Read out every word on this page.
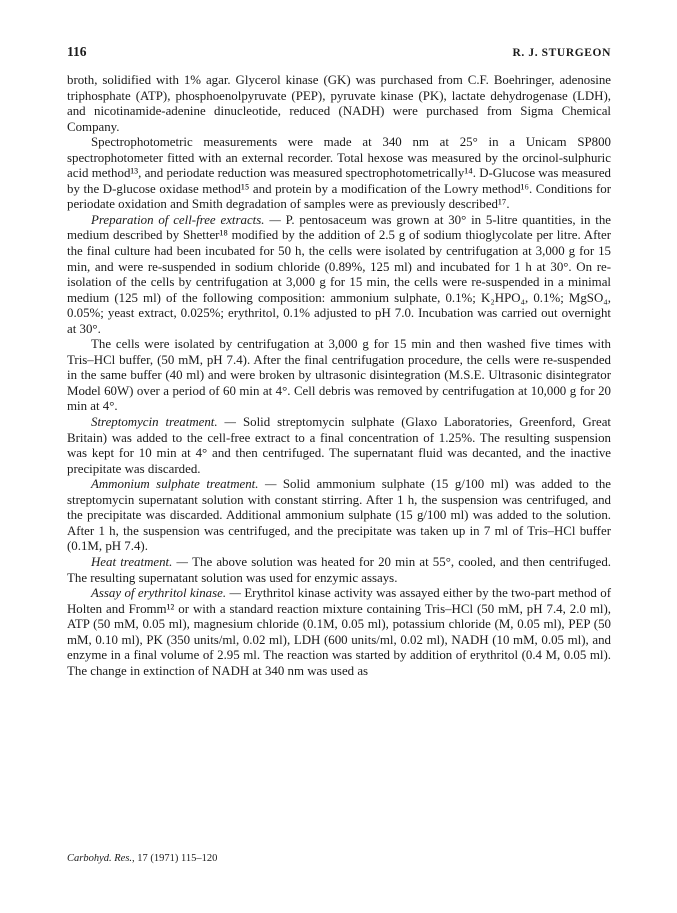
116	R. J. STURGEON

broth, solidified with 1% agar. Glycerol kinase (GK) was purchased from C.F. Boehringer, adenosine triphosphate (ATP), phosphoenolpyruvate (PEP), pyruvate kinase (PK), lactate dehydrogenase (LDH), and nicotinamide-adenine dinucleotide, reduced (NADH) were purchased from Sigma Chemical Company.

Spectrophotometric measurements were made at 340 nm at 25° in a Unicam SP800 spectrophotometer fitted with an external recorder. Total hexose was measured by the orcinol-sulphuric acid method¹³, and periodate reduction was measured spectrophotometrically¹⁴. D-Glucose was measured by the D-glucose oxidase method¹⁵ and protein by a modification of the Lowry method¹⁶. Conditions for periodate oxidation and Smith degradation of samples were as previously described¹⁷.

Preparation of cell-free extracts. — P. pentosaceum was grown at 30° in 5-litre quantities, in the medium described by Shetter¹⁸ modified by the addition of 2.5 g of sodium thioglycolate per litre. After the final culture had been incubated for 50 h, the cells were isolated by centrifugation at 3,000 g for 15 min, and were re-suspended in sodium chloride (0.89%, 125 ml) and incubated for 1 h at 30°. On re-isolation of the cells by centrifugation at 3,000 g for 15 min, the cells were re-suspended in a minimal medium (125 ml) of the following composition: ammonium sulphate, 0.1%; K₂HPO₄, 0.1%; MgSO₄, 0.05%; yeast extract, 0.025%; erythritol, 0.1% adjusted to pH 7.0. Incubation was carried out overnight at 30°.

The cells were isolated by centrifugation at 3,000 g for 15 min and then washed five times with Tris–HCl buffer, (50 mM, pH 7.4). After the final centrifugation procedure, the cells were re-suspended in the same buffer (40 ml) and were broken by ultrasonic disintegration (M.S.E. Ultrasonic disintegrator Model 60W) over a period of 60 min at 4°. Cell debris was removed by centrifugation at 10,000 g for 20 min at 4°.

Streptomycin treatment. — Solid streptomycin sulphate (Glaxo Laboratories, Greenford, Great Britain) was added to the cell-free extract to a final concentration of 1.25%. The resulting suspension was kept for 10 min at 4° and then centrifuged. The supernatant fluid was decanted, and the inactive precipitate was discarded.

Ammonium sulphate treatment. — Solid ammonium sulphate (15 g/100 ml) was added to the streptomycin supernatant solution with constant stirring. After 1 h, the suspension was centrifuged, and the precipitate was discarded. Additional ammonium sulphate (15 g/100 ml) was added to the solution. After 1 h, the suspension was centrifuged, and the precipitate was taken up in 7 ml of Tris–HCl buffer (0.1M, pH 7.4).

Heat treatment. — The above solution was heated for 20 min at 55°, cooled, and then centrifuged. The resulting supernatant solution was used for enzymic assays.

Assay of erythritol kinase. — Erythritol kinase activity was assayed either by the two-part method of Holten and Fromm¹² or with a standard reaction mixture containing Tris–HCl (50 mM, pH 7.4, 2.0 ml), ATP (50 mM, 0.05 ml), magnesium chloride (0.1M, 0.05 ml), potassium chloride (M, 0.05 ml), PEP (50 mM, 0.10 ml), PK (350 units/ml, 0.02 ml), LDH (600 units/ml, 0.02 ml), NADH (10 mM, 0.05 ml), and enzyme in a final volume of 2.95 ml. The reaction was started by addition of erythritol (0.4 M, 0.05 ml). The change in extinction of NADH at 340 nm was used as

Carbohyd. Res., 17 (1971) 115–120
